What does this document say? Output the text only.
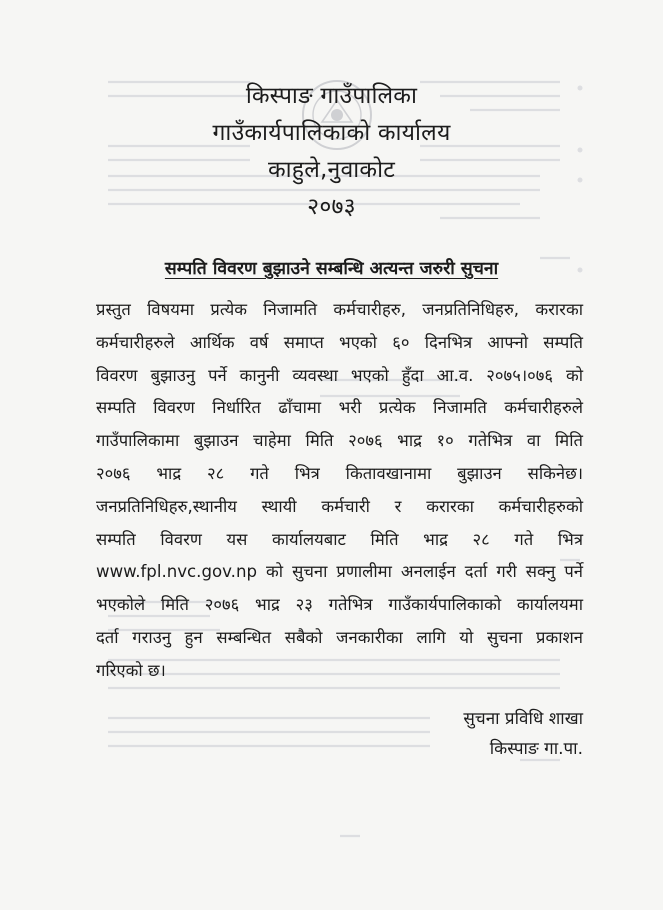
किस्पाङ गाउँपालिका
गाउँकार्यपालिकाको कार्यालय
काहुले,नुवाकोट
२०७३
सम्पति विवरण बुझाउने सम्बन्धि अत्यन्त जरुरी सुचना
प्रस्तुत विषयमा प्रत्येक निजामति कर्मचारीहरु, जनप्रतिनिधिहरु, करारका
कर्मचारीहरुले आर्थिक वर्ष समाप्त भएको ६० दिनभित्र आफ्नो सम्पति
विवरण बुझाउनु पर्ने कानुनी व्यवस्था भएको हुँदा आ.व. २०७५।०७६ को
सम्पति विवरण निर्धारित ढाँचामा भरी प्रत्येक निजामति कर्मचारीहरुले
गाउँपालिकामा बुझाउन चाहेमा मिति २०७६ भाद्र १० गतेभित्र वा मिति
२०७६ भाद्र २८ गते भित्र कितावखानामा बुझाउन सकिनेछ।
जनप्रतिनिधिहरु,स्थानीय स्थायी कर्मचारी र करारका कर्मचारीहरुको
सम्पति विवरण यस कार्यालयबाट मिति भाद्र २८ गते भित्र
www.fpl.nvc.gov.np को सुचना प्रणालीमा अनलाईन दर्ता गरी सक्नु पर्ने
भएकोले मिति २०७६ भाद्र २३ गतेभित्र गाउँकार्यपालिकाको कार्यालयमा
दर्ता गराउनु हुन सम्बन्धित सबैको जनकारीका लागि यो सुचना प्रकाशन
गरिएको छ।
सुचना प्रविधि शाखा
किस्पाङ गा.पा.
